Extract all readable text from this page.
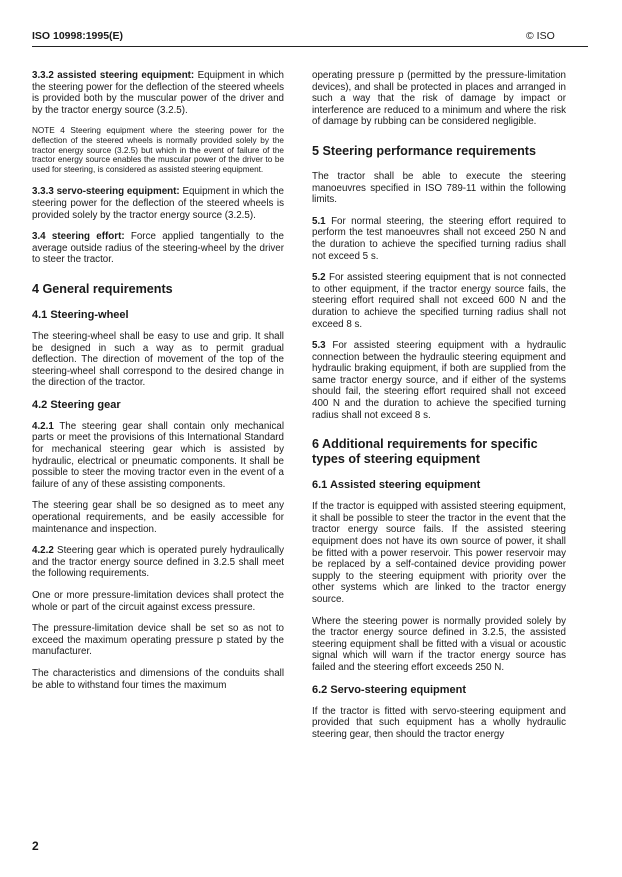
ISO 10998:1995(E)	© ISO

3.3.2 assisted steering equipment: Equipment in which the steering power for the deflection of the steered wheels is provided both by the muscular power of the driver and by the tractor energy source (3.2.5).

NOTE 4 Steering equipment where the steering power for the deflection of the steered wheels is normally provided solely by the tractor energy source (3.2.5) but which in the event of failure of the tractor energy source enables the muscular power of the driver to be used for steering, is considered as assisted steering equipment.

3.3.3 servo-steering equipment: Equipment in which the steering power for the deflection of the steered wheels is provided solely by the tractor energy source (3.2.5).

3.4 steering effort: Force applied tangentially to the average outside radius of the steering-wheel by the driver to steer the tractor.

4 General requirements
4.1 Steering-wheel

The steering-wheel shall be easy to use and grip. It shall be designed in such a way as to permit gradual deflection. The direction of movement of the top of the steering-wheel shall correspond to the desired change in the direction of the tractor.

4.2 Steering gear

4.2.1 The steering gear shall contain only mechanical parts or meet the provisions of this International Standard for mechanical steering gear which is assisted by hydraulic, electrical or pneumatic components. It shall be possible to steer the moving tractor even in the event of a failure of any of these assisting components.

The steering gear shall be so designed as to meet any operational requirements, and be easily accessible for maintenance and inspection.

4.2.2 Steering gear which is operated purely hydraulically and the tractor energy source defined in 3.2.5 shall meet the following requirements.

One or more pressure-limitation devices shall protect the whole or part of the circuit against excess pressure.

The pressure-limitation device shall be set so as not to exceed the maximum operating pressure p stated by the manufacturer.

The characteristics and dimensions of the conduits shall be able to withstand four times the maximum

operating pressure p (permitted by the pressure-limitation devices), and shall be protected in places and arranged in such a way that the risk of damage by impact or interference are reduced to a minimum and where the risk of damage by rubbing can be considered negligible.

5 Steering performance requirements

The tractor shall be able to execute the steering manoeuvres specified in ISO 789-11 within the following limits.

5.1 For normal steering, the steering effort required to perform the test manoeuvres shall not exceed 250 N and the duration to achieve the specified turning radius shall not exceed 5 s.

5.2 For assisted steering equipment that is not connected to other equipment, if the tractor energy source fails, the steering effort required shall not exceed 600 N and the duration to achieve the specified turning radius shall not exceed 8 s.

5.3 For assisted steering equipment with a hydraulic connection between the hydraulic steering equipment and hydraulic braking equipment, if both are supplied from the same tractor energy source, and if either of the systems should fail, the steering effort required shall not exceed 400 N and the duration to achieve the specified turning radius shall not exceed 8 s.

6 Additional requirements for specific types of steering equipment
6.1 Assisted steering equipment

If the tractor is equipped with assisted steering equipment, it shall be possible to steer the tractor in the event that the tractor energy source fails. If the assisted steering equipment does not have its own source of power, it shall be fitted with a power reservoir. This power reservoir may be replaced by a self-contained device providing power supply to the steering equipment with priority over the other systems which are linked to the tractor energy source.

Where the steering power is normally provided solely by the tractor energy source defined in 3.2.5, the assisted steering equipment shall be fitted with a visual or acoustic signal which will warn if the tractor energy source has failed and the steering effort exceeds 250 N.

6.2 Servo-steering equipment

If the tractor is fitted with servo-steering equipment and provided that such equipment has a wholly hydraulic steering gear, then should the tractor energy

2
